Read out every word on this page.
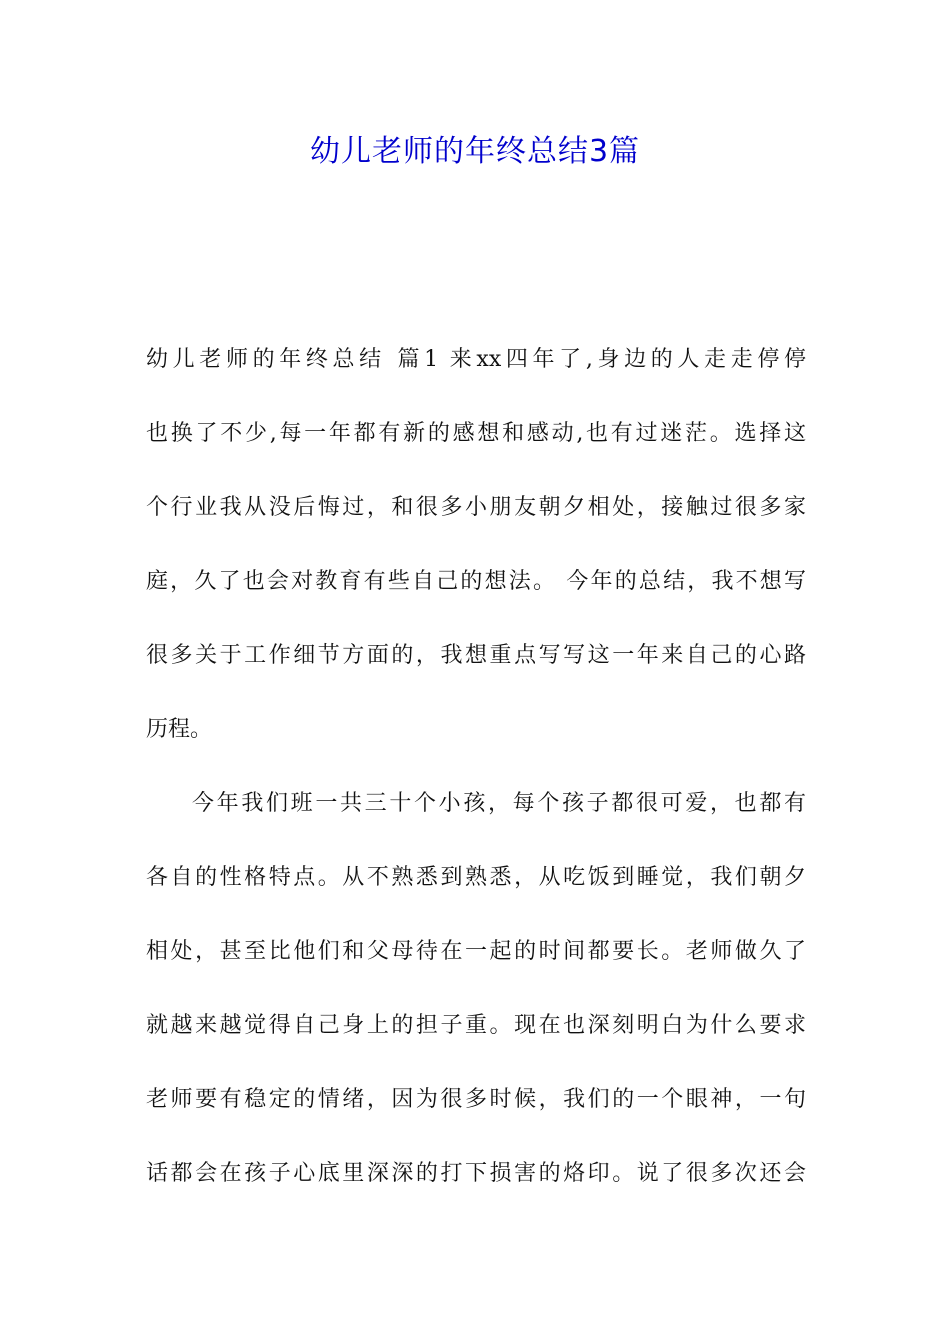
幼儿老师的年终总结3篇
幼儿老师的年终总结 篇1 来xx四年了,身边的人走走停停
也换了不少,每一年都有新的感想和感动,也有过迷茫。选择这
个行业我从没后悔过，和很多小朋友朝夕相处，接触过很多家
庭，久了也会对教育有些自己的想法。 今年的总结，我不想写
很多关于工作细节方面的，我想重点写写这一年来自己的心路
历程。
今年我们班一共三十个小孩，每个孩子都很可爱，也都有
各自的性格特点。从不熟悉到熟悉，从吃饭到睡觉，我们朝夕
相处，甚至比他们和父母待在一起的时间都要长。老师做久了
就越来越觉得自己身上的担子重。现在也深刻明白为什么要求
老师要有稳定的情绪，因为很多时候，我们的一个眼神，一句
话都会在孩子心底里深深的打下损害的烙印。说了很多次还会
